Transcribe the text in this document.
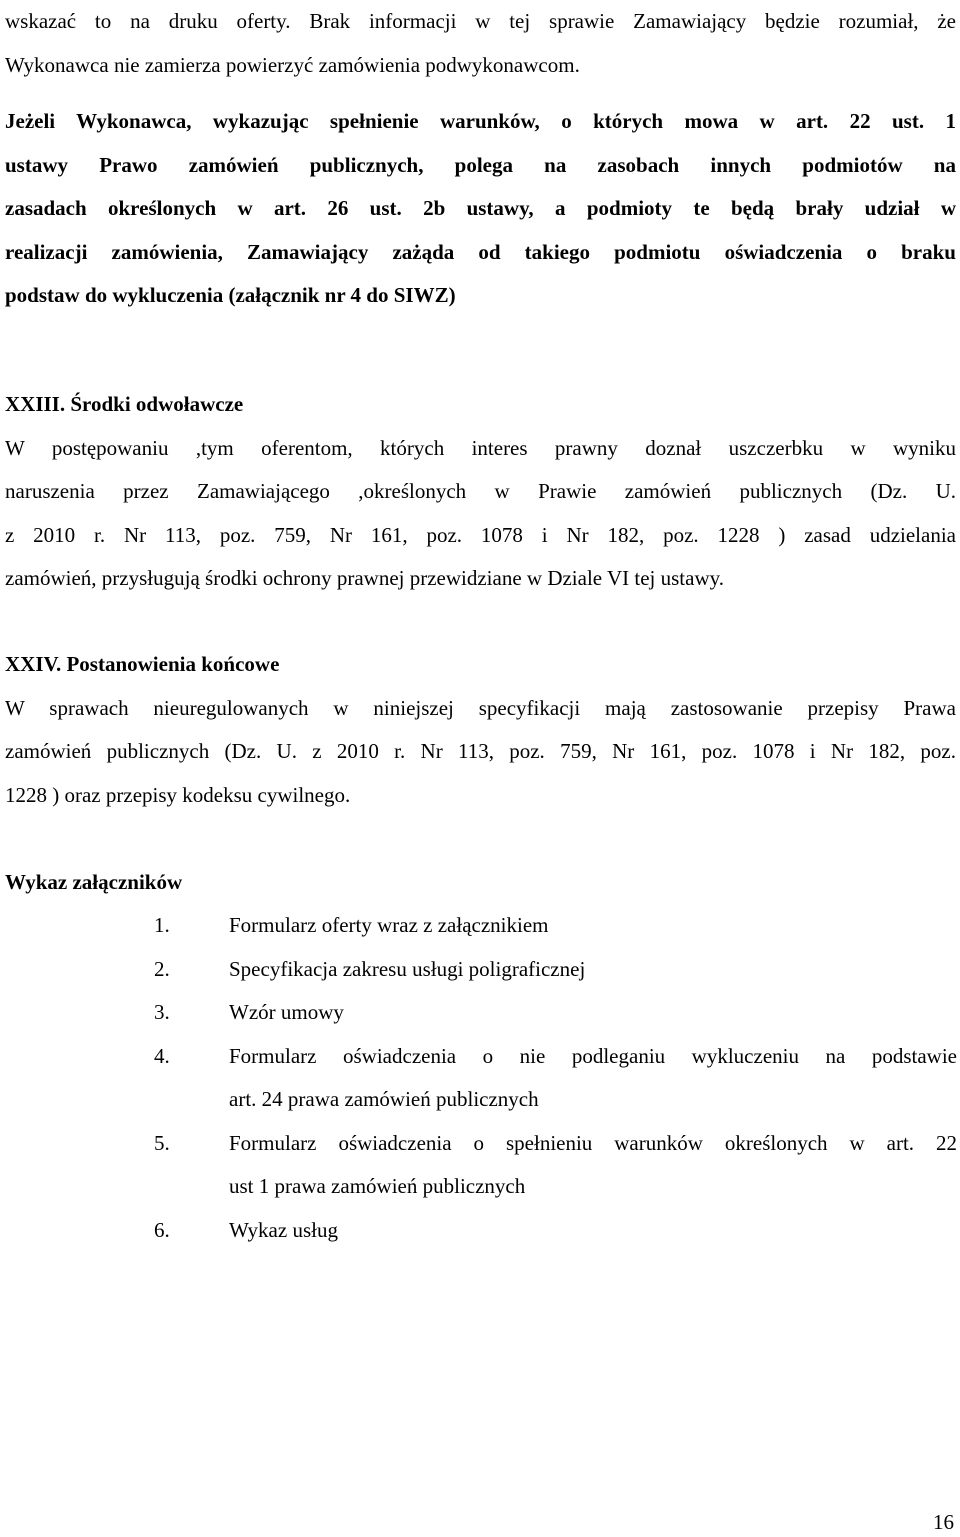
wskazać to na druku oferty. Brak informacji w tej sprawie Zamawiający będzie rozumiał, że
Wykonawca nie zamierza powierzyć zamówienia podwykonawcom.
Jeżeli Wykonawca, wykazując spełnienie warunków, o których mowa w art. 22 ust. 1
ustawy Prawo zamówień publicznych, polega na zasobach innych podmiotów na
zasadach określonych w art. 26 ust. 2b ustawy, a podmioty te będą brały udział w
realizacji zamówienia, Zamawiający zażąda od takiego podmiotu oświadczenia o braku
podstaw do wykluczenia (załącznik nr 4 do SIWZ)
XXIII. Środki odwoławcze
W postępowaniu ,tym oferentom, których interes prawny doznał uszczerbku w wyniku
naruszenia przez Zamawiającego ,określonych w Prawie zamówień publicznych (Dz. U.
z 2010 r. Nr 113, poz. 759, Nr 161, poz. 1078 i Nr 182, poz. 1228 ) zasad udzielania
zamówień, przysługują środki ochrony prawnej przewidziane w Dziale VI tej ustawy.
XXIV. Postanowienia końcowe
W sprawach nieuregulowanych w niniejszej specyfikacji mają zastosowanie przepisy Prawa
zamówień publicznych (Dz. U. z 2010 r. Nr 113, poz. 759, Nr 161, poz. 1078 i Nr 182, poz.
1228 ) oraz przepisy kodeksu cywilnego.
Wykaz załączników
1.	Formularz oferty wraz z załącznikiem
2.	Specyfikacja zakresu usługi poligraficznej
3.	Wzór umowy
4.	Formularz oświadczenia o nie podleganiu wykluczeniu na podstawie
art. 24 prawa zamówień publicznych
5.	Formularz oświadczenia o spełnieniu warunków określonych w art. 22
ust 1 prawa zamówień publicznych
6.	Wykaz usług
16
